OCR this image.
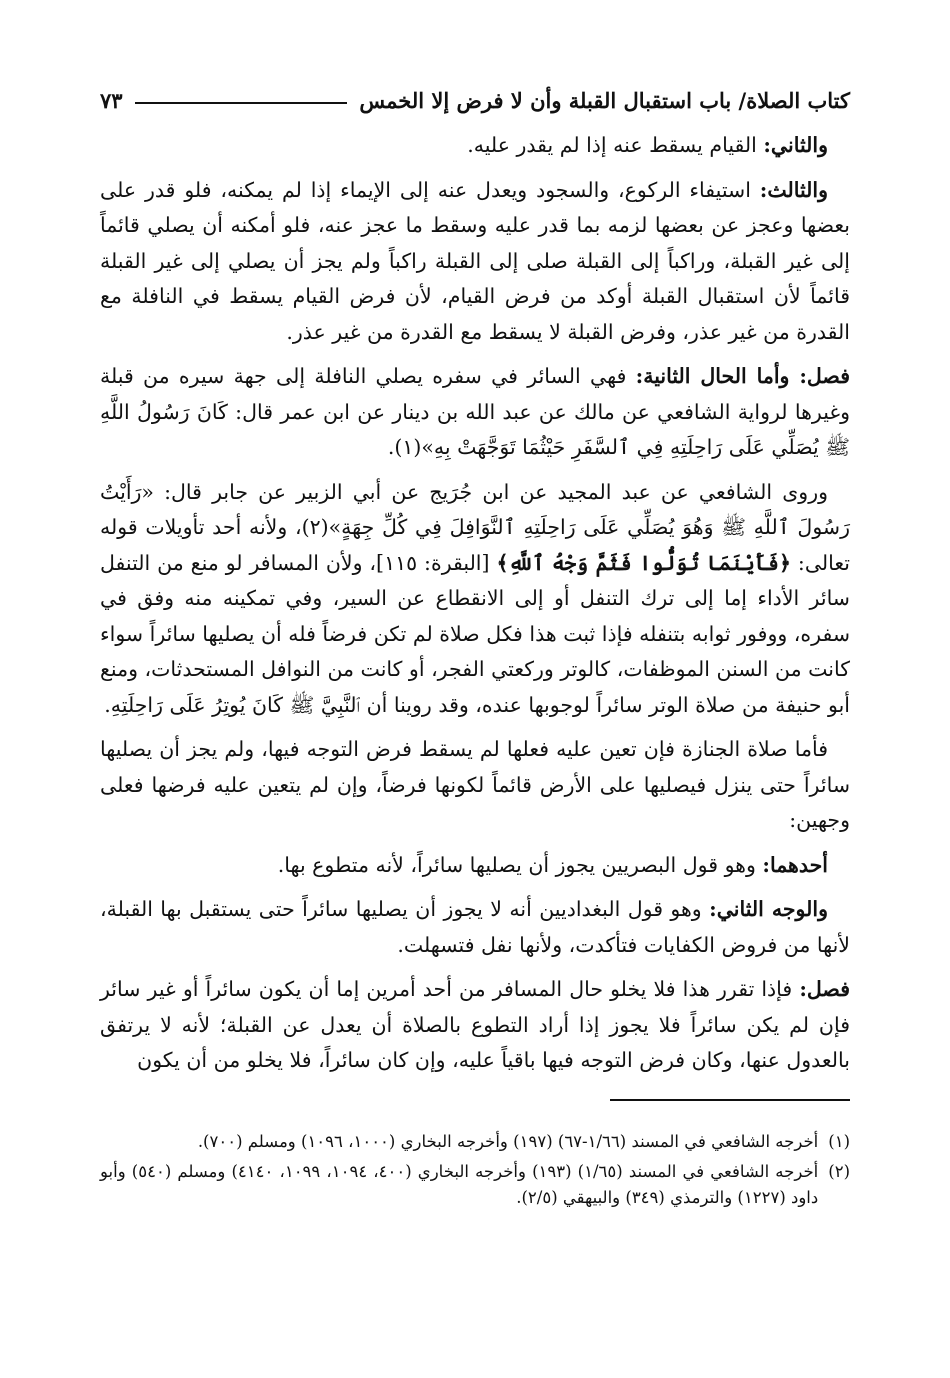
كتاب الصلاة/ باب استقبال القبلة وأن لا فرض إلا الخمس
٧٣

والثاني: القيام يسقط عنه إذا لم يقدر عليه.

والثالث: استيفاء الركوع، والسجود ويعدل عنه إلى الإيماء إذا لم يمكنه، فلو قدر على بعضها وعجز عن بعضها لزمه بما قدر عليه وسقط ما عجز عنه، فلو أمكنه أن يصلي قائماً إلى غير القبلة، وراكباً إلى القبلة صلى إلى القبلة راكباً ولم يجز أن يصلي إلى غير القبلة قائماً لأن استقبال القبلة أوكد من فرض القيام، لأن فرض القيام يسقط في النافلة مع القدرة من غير عذر، وفرض القبلة لا يسقط مع القدرة من غير عذر.

فصل: وأما الحال الثانية: فهي السائر في سفره يصلي النافلة إلى جهة سيره من قبلة وغيرها لرواية الشافعي عن مالك عن عبد الله بن دينار عن ابن عمر قال: كَانَ رَسُولُ اللَّهِ ﷺ يُصَلِّي عَلَى رَاحِلَتِهِ فِي ٱلسَّفَرِ حَيْثُمَا تَوَجَّهَتْ بِهِ»(١).

وروى الشافعي عن عبد المجيد عن ابن جُرَيج عن أبي الزبير عن جابر قال: «رَأَيْتُ رَسُولَ ٱللَّهِ ﷺ وَهُوَ يُصَلِّي عَلَى رَاحِلَتِهِ ٱلنَّوَافِلَ فِي كُلِّ جِهَةٍ»(٢)، ولأنه أحد تأويلات قوله تعالى: ﴿فَأَيْنَمَا تُوَلُّوا فَثَمَّ وَجْهُ ٱللَّهِ﴾ [البقرة: ١١٥]، ولأن المسافر لو منع من التنفل سائر الأداء إما إلى ترك التنفل أو إلى الانقطاع عن السير، وفي تمكينه منه وفق في سفره، ووفور ثوابه بتنفله فإذا ثبت هذا فكل صلاة لم تكن فرضاً فله أن يصليها سائراً سواء كانت من السنن الموظفات، كالوتر وركعتي الفجر، أو كانت من النوافل المستحدثات، ومنع أبو حنيفة من صلاة الوتر سائراً لوجوبها عنده، وقد روينا أن ٱلنَّبِيَّ ﷺ كَانَ يُوتِرُ عَلَى رَاحِلَتِهِ.

فأما صلاة الجنازة فإن تعين عليه فعلها لم يسقط فرض التوجه فيها، ولم يجز أن يصليها سائراً حتى ينزل فيصليها على الأرض قائماً لكونها فرضاً، وإن لم يتعين عليه فرضها فعلى وجهين:

أحدهما: وهو قول البصريين يجوز أن يصليها سائراً، لأنه متطوع بها.

والوجه الثاني: وهو قول البغداديين أنه لا يجوز أن يصليها سائراً حتى يستقبل بها القبلة، لأنها من فروض الكفايات فتأكدت، ولأنها نفل فتسهلت.

فصل: فإذا تقرر هذا فلا يخلو حال المسافر من أحد أمرين إما أن يكون سائراً أو غير سائر فإن لم يكن سائراً فلا يجوز إذا أراد التطوع بالصلاة أن يعدل عن القبلة؛ لأنه لا يرتفق بالعدول عنها، وكان فرض التوجه فيها باقياً عليه، وإن كان سائراً، فلا يخلو من أن يكون

(١)
أخرجه الشافعي في المسند (١/٦٦-٦٧) (١٩٧) وأخرجه البخاري (١٠٠٠، ١٠٩٦) ومسلم (٧٠٠).
(٢)
أخرجه الشافعي في المسند (١/٦٥) (١٩٣) وأخرجه البخاري (٤٠٠، ١٠٩٤، ١٠٩٩، ٤١٤٠) ومسلم (٥٤٠) وأبو داود (١٢٢٧) والترمذي (٣٤٩) والبيهقي (٢/٥).
